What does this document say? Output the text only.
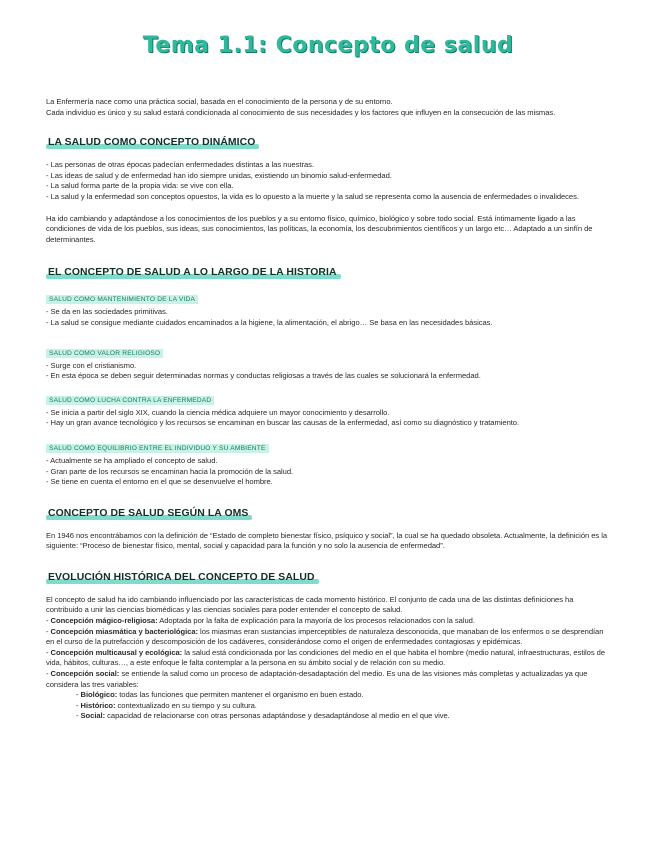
Tema 1.1: Concepto de salud

La Enfermería nace como una práctica social, basada en el conocimiento de la persona y de su entorno.

Cada individuo es único y su salud estará condicionada al conocimiento de sus necesidades y los factores que influyen en la consecución de las mismas.

LA SALUD COMO CONCEPTO DINÁMICO

- Las personas de otras épocas padecían enfermedades distintas a las nuestras.

- Las ideas de salud y de enfermedad han ido siempre unidas, existiendo un binomio salud-enfermedad.

- La salud forma parte de la propia vida: se vive con ella.

- La salud y la enfermedad son conceptos opuestos, la vida es lo opuesto a la muerte y la salud se representa como la ausencia de enfermedades o invalideces.

Ha ido cambiando y adaptándose a los conocimientos de los pueblos y a su entorno físico, químico, biológico y sobre todo social. Está íntimamente ligado a las condiciones de vida de los pueblos, sus ideas, sus conocimientos, las políticas, la economía, los descubrimientos científicos y un largo etc… Adaptado a un sinfín de determinantes.

EL CONCEPTO DE SALUD A LO LARGO DE LA HISTORIA
SALUD COMO MANTENIMIENTO DE LA VIDA

- Se da en las sociedades primitivas.

- La salud se consigue mediante cuidados encaminados a la higiene, la alimentación, el abrigo… Se basa en las necesidades básicas.

SALUD COMO VALOR RELIGIOSO

- Surge con el cristianismo.

- En esta época se deben seguir determinadas normas y conductas religiosas a través de las cuales se solucionará la enfermedad.

SALUD COMO LUCHA CONTRA LA ENFERMEDAD

- Se inicia a partir del siglo XIX, cuando la ciencia médica adquiere un mayor conocimiento y desarrollo.

- Hay un gran avance tecnológico y los recursos se encaminan en buscar las causas de la enfermedad, así como su diagnóstico y tratamiento.

SALUD COMO EQUILIBRIO ENTRE EL INDIVIDUO Y SU AMBIENTE

- Actualmente se ha ampliado el concepto de salud.

- Gran parte de los recursos se encaminan hacia la promoción de la salud.

- Se tiene en cuenta el entorno en el que se desenvuelve el hombre.

CONCEPTO DE SALUD SEGÚN LA OMS

En 1946 nos encontrábamos con la definición de “Estado de completo bienestar físico, psíquico y social”, la cual se ha quedado obsoleta. Actualmente, la definición es la siguiente: “Proceso de bienestar físico, mental, social y capacidad para la función y no solo la ausencia de enfermedad”.

EVOLUCIÓN HISTÓRICA DEL CONCEPTO DE SALUD

El concepto de salud ha ido cambiando influenciado por las características de cada momento histórico. El conjunto de cada una de las distintas definiciones ha contribuido a unir las ciencias biomédicas y las ciencias sociales para poder entender el concepto de salud.

- Concepción mágico-religiosa: Adoptada por la falta de explicación para la mayoría de los procesos relacionados con la salud.

- Concepción miasmática y bacteriológica: los miasmas eran sustancias imperceptibles de naturaleza desconocida, que manaban de los enfermos o se desprendían en el curso de la putrefacción y descomposición de los cadáveres, considerándose como el origen de enfermedades contagiosas y epidémicas.

- Concepción multicausal y ecológica: la salud está condicionada por las condiciones del medio en el que habita el hombre (medio natural, infraestructuras, estilos de vida, hábitos, culturas…, a este enfoque le falta contemplar a la persona en su ámbito social y de relación con su medio.

- Concepción social: se entiende la salud como un proceso de adaptación-desadaptación del medio. Es una de las visiones más completas y actualizadas ya que considera las tres variables:

- Biológico: todas las funciones que permiten mantener el organismo en buen estado.

- Histórico: contextualizado en su tiempo y su cultura.

- Social: capacidad de relacionarse con otras personas adaptándose y desadaptándose al medio en el que vive.
